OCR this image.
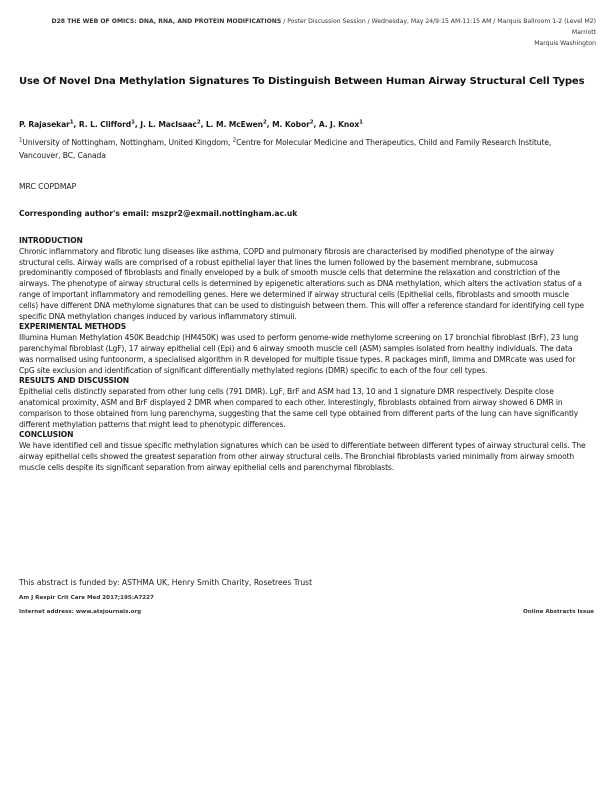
D28 THE WEB OF OMICS: DNA, RNA, AND PROTEIN MODIFICATIONS / Poster Discussion Session / Wednesday, May 24/9:15 AM-11:15 AM / Marquis Ballroom 1-2 (Level M2) Marriott
Marquis Washington
Use Of Novel Dna Methylation Signatures To Distinguish Between Human Airway Structural Cell Types
P. Rajasekar$^1$, R. L. Clifford$^1$, J. L. MacIsaac$^2$, L. M. McEwen$^2$, M. Kobor$^2$, A. J. Knox$^1$
$^1$University of Nottingham, Nottingham, United Kingdom, $^2$Centre for Molecular Medicine and Therapeutics, Child and Family Research Institute, Vancouver, BC, Canada
MRC COPDMAP
Corresponding author's email: mszpr2@exmail.nottingham.ac.uk

INTRODUCTION

Chronic inflammatory and fibrotic lung diseases like asthma, COPD and pulmonary fibrosis are characterised by modified phenotype of the airway structural cells. Airway walls are comprised of a robust epithelial layer that lines the lumen followed by the basement membrane, submucosa predominantly composed of fibroblasts and finally enveloped by a bulk of smooth muscle cells that determine the relaxation and constriction of the airways. The phenotype of airway structural cells is determined by epigenetic alterations such as DNA methylation, which alters the activation status of a range of important inflammatory and remodelling genes. Here we determined if airway structural cells (Epithelial cells, fibroblasts and smooth muscle cells) have different DNA methylome signatures that can be used to distinguish between them. This will offer a reference standard for identifying cell type specific DNA methylation changes induced by various inflammatory stimuli.

EXPERIMENTAL METHODS

Illumina Human Methylation 450K Beadchip (HM450K) was used to perform genome-wide methylome screening on 17 bronchial fibroblast (BrF), 23 lung parenchymal fibroblast (LgF), 17 airway epithelial cell (Epi) and 6 airway smooth muscle cell (ASM) samples isolated from healthy individuals. The data was normalised using funtoonorm, a specialised algorithm in R developed for multiple tissue types. R packages minfi, limma and DMRcate was used for CpG site exclusion and identification of significant differentially methylated regions (DMR) specific to each of the four cell types.

RESULTS AND DISCUSSION

Epithelial cells distinctly separated from other lung cells (791 DMR). LgF, BrF and ASM had 13, 10 and 1 signature DMR respectively. Despite close anatomical proximity, ASM and BrF displayed 2 DMR when compared to each other. Interestingly, fibroblasts obtained from airway showed 6 DMR in comparison to those obtained from lung parenchyma, suggesting that the same cell type obtained from different parts of the lung can have significantly different methylation patterns that might lead to phenotypic differences.

CONCLUSION

We have identified cell and tissue specific methylation signatures which can be used to differentiate between different types of airway structural cells. The airway epithelial cells showed the greatest separation from other airway structural cells. The Bronchial fibroblasts varied minimally from airway smooth muscle cells despite its significant separation from airway epithelial cells and parenchymal fibroblasts.

This abstract is funded by: ASTHMA UK, Henry Smith Charity, Rosetrees Trust
Am J Respir Crit Care Med 2017;195:A7227
Internet address: www.atsjournals.org	Online Abstracts Issue
